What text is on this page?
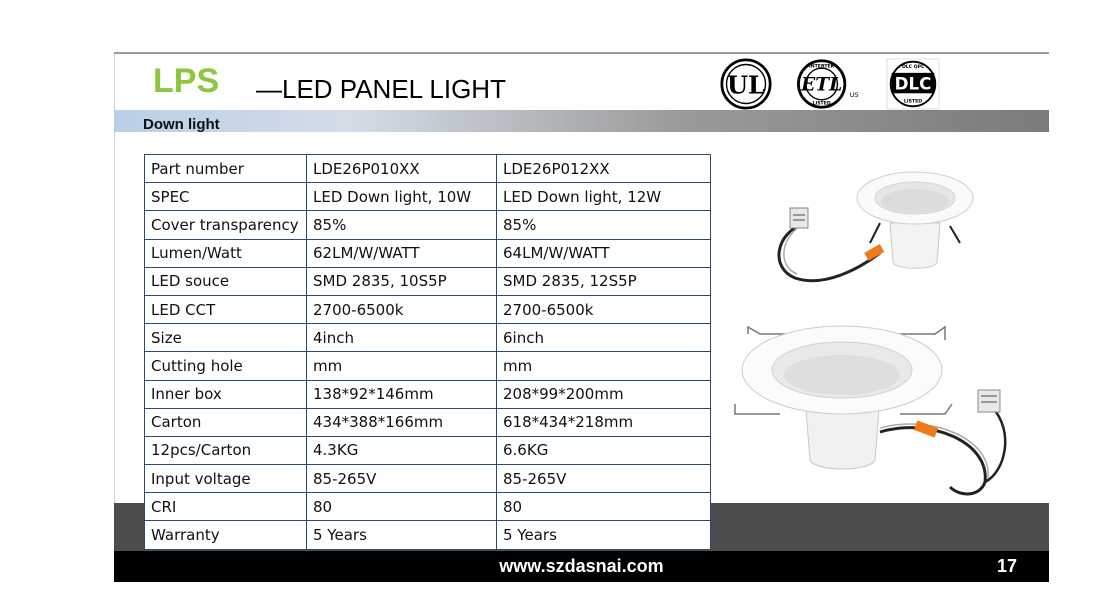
LPS —LED PANEL LIGHT	UL
INTERTEK
ETL
LISTED
US
DLC QPL
DLC
LISTED
Down light
Part number	LDE26P010XX	LDE26P012XX
SPEC	LED Down light, 10W	LED Down light, 12W
Cover transparency	85%	85%
Lumen/Watt	62LM/W/WATT	64LM/W/WATT
LED souce	SMD 2835, 10S5P	SMD 2835, 12S5P
LED CCT	2700-6500k	2700-6500k
Size	4inch	6inch
Cutting hole	mm	mm
Inner box	138*92*146mm	208*99*200mm
Carton	434*388*166mm	618*434*218mm
12pcs/Carton	4.3KG	6.6KG
Input voltage	85-265V	85-265V
CRI	80	80
Warranty	5 Years	5 Years
www.szdasnai.com	17
